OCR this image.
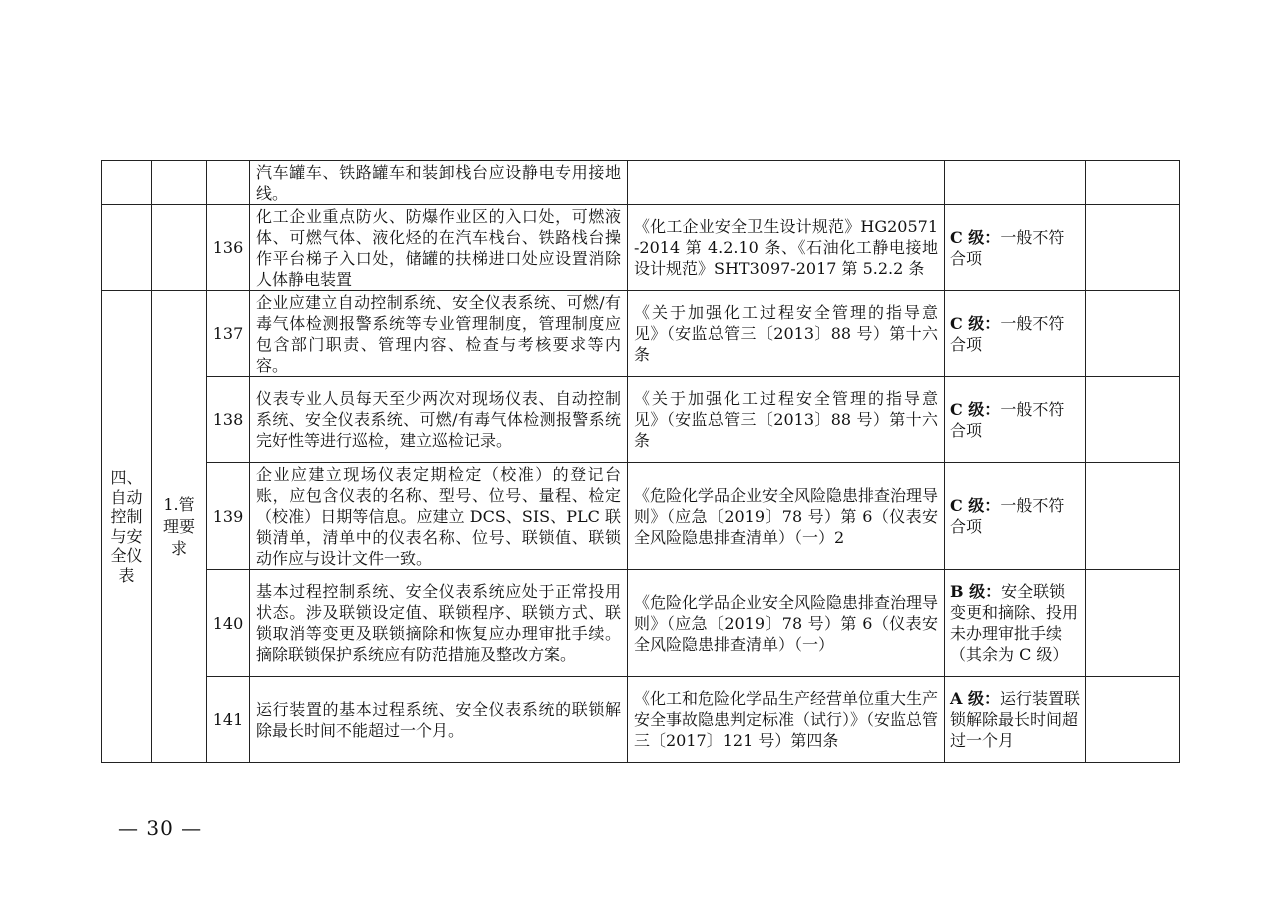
			汽车罐车、铁路罐车和装卸栈台应设静电专用接地线。			
		136	化工企业重点防火、防爆作业区的入口处，可燃液体、可燃气体、液化烃的在汽车栈台、铁路栈台操作平台梯子入口处，储罐的扶梯进口处应设置消除人体静电装置	《化工企业安全卫生设计规范》HG20571-2014 第 4.2.10 条、《石油化工静电接地设计规范》SHT3097-2017 第 5.2.2 条	C 级：一般不符合项	
四、自动控制与安全仪表	1.管理要求	137	企业应建立自动控制系统、安全仪表系统、可燃/有毒气体检测报警系统等专业管理制度，管理制度应包含部门职责、管理内容、检查与考核要求等内容。	《关于加强化工过程安全管理的指导意见》（安监总管三〔2013〕88 号）第十六条	C 级：一般不符合项	
		138	仪表专业人员每天至少两次对现场仪表、自动控制系统、安全仪表系统、可燃/有毒气体检测报警系统完好性等进行巡检，建立巡检记录。	《关于加强化工过程安全管理的指导意见》（安监总管三〔2013〕88 号）第十六条	C 级：一般不符合项	
		139	企业应建立现场仪表定期检定（校准）的登记台账，应包含仪表的名称、型号、位号、量程、检定（校准）日期等信息。应建立 DCS、SIS、PLC 联锁清单，清单中的仪表名称、位号、联锁值、联锁动作应与设计文件一致。	《危险化学品企业安全风险隐患排查治理导则》（应急〔2019〕78 号）第 6（仪表安全风险隐患排查清单）（一）2	C 级：一般不符合项	
		140	基本过程控制系统、安全仪表系统应处于正常投用状态。涉及联锁设定值、联锁程序、联锁方式、联锁取消等变更及联锁摘除和恢复应办理审批手续。摘除联锁保护系统应有防范措施及整改方案。	《危险化学品企业安全风险隐患排查治理导则》（应急〔2019〕78 号）第 6（仪表安全风险隐患排查清单）（一）	B 级：安全联锁变更和摘除、投用未办理审批手续（其余为 C 级）	
		141	运行装置的基本过程系统、安全仪表系统的联锁解除最长时间不能超过一个月。	《化工和危险化学品生产经营单位重大生产安全事故隐患判定标准（试行）》（安监总管三〔2017〕121 号）第四条	A 级：运行装置联锁解除最长时间超过一个月	
— 30 —
